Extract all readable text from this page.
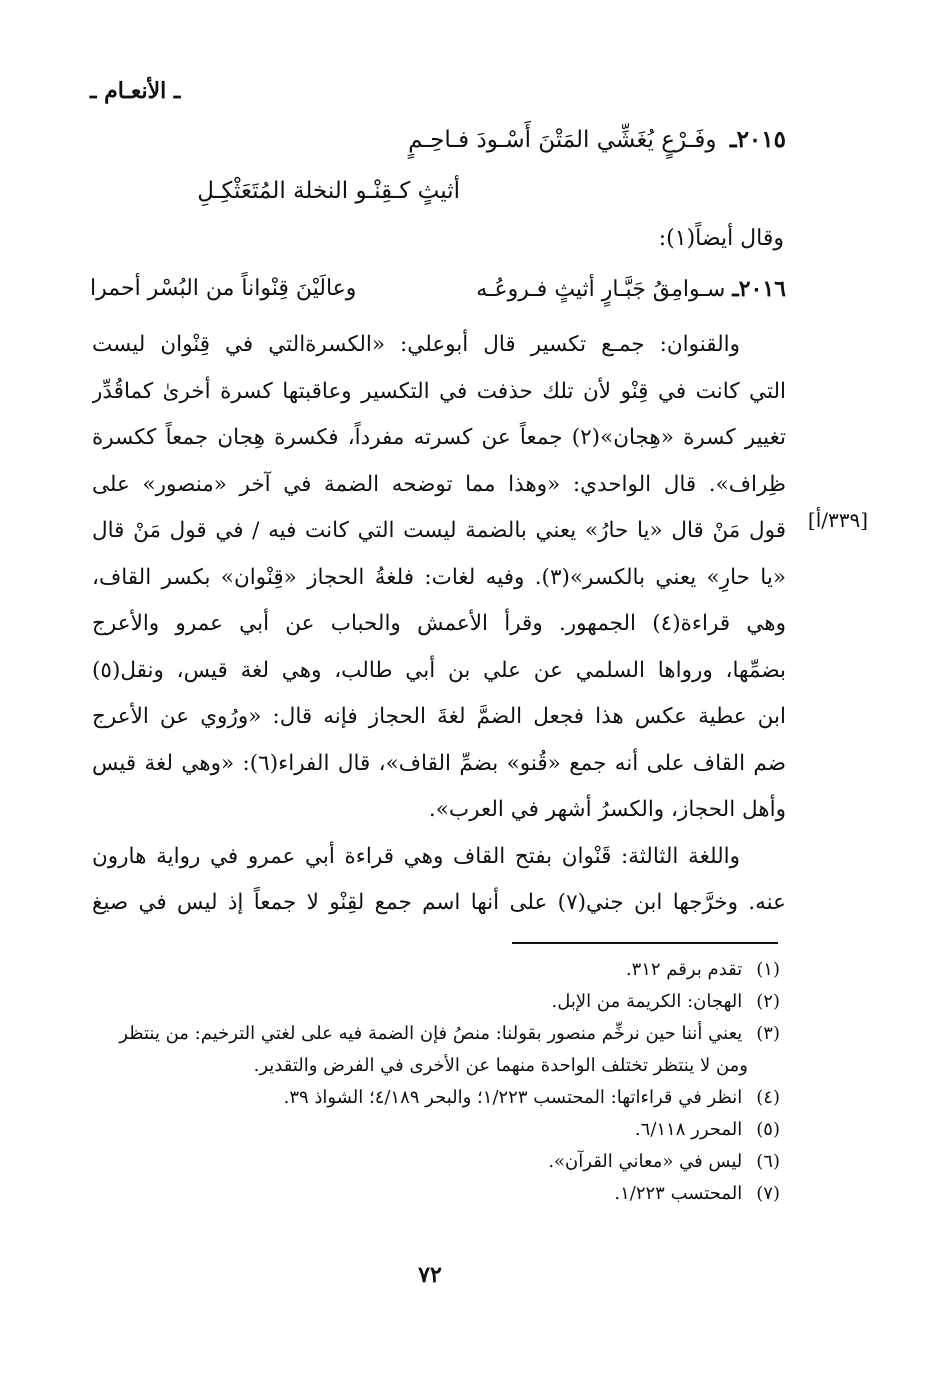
ـ الأنعـام ـ
٢٠١٥ـ وفَـرْعٍ يُغَشِّي المَتْنَ أَسْـودَ فـاحِـمٍ
أثيثٍ كـقِنْـو النخلة المُتَعَثْكِـلِ
وقال أيضاً(١):
٢٠١٦ـ سـوامِقُ جَبَّـارٍ أثيثٍ فـروعُـه
وعالَيْنَ قِنْواناً من البُسْر أحمرا
والقنوان: جمـع تكسير قال أبوعلي: «الكسرةالتي في قِنْوان ليست
التي كانت في قِنْو لأن تلك حذفت في التكسير وعاقبتها كسرة أخرىٰ كماقُدِّر
تغيير كسرة «هِجان»(٢) جمعاً عن كسرته مفرداً، فكسرة هِجان جمعاً ككسرة
ظِراف». قال الواحدي: «وهذا مما توضحه الضمة في آخر «منصور» على
قول مَنْ قال «يا حارُ» يعني بالضمة ليست التي كانت فيه / في قول مَنْ قال
«يا حارِ» يعني بالكسر»(٣). وفيه لغات: فلغةُ الحجاز «قِنْوان» بكسر القاف،
وهي قراءة(٤) الجمهور. وقرأ الأعمش والحباب عن أبي عمرو والأعرج
بضمِّها، ورواها السلمي عن علي بن أبي طالب، وهي لغة قيس، ونقل(٥)
ابن عطية عكس هذا فجعل الضمَّ لغةَ الحجاز فإنه قال: «ورُوي عن الأعرج
ضم القاف على أنه جمع «قُنو» بضمِّ القاف»، قال الفراء(٦): «وهي لغة قيس
وأهل الحجاز، والكسرُ أشهر في العرب».
واللغة الثالثة: قَنْوان بفتح القاف وهي قراءة أبي عمرو في رواية هارون
عنه. وخرَّجها ابن جني(٧) على أنها اسم جمع لقِنْو لا جمعاً إذ ليس في صيغ
[٣٣٩/أ]
(١) تقدم برقم ٣١٢.
(٢) الهجان: الكريمة من الإبل.
(٣) يعني أننا حين نرخِّم منصور بقولنا: منصُ فإن الضمة فيه على لغتي الترخيم: من ينتظر
ومن لا ينتظر تختلف الواحدة منهما عن الأخرى في الفرض والتقدير.
(٤) انظر في قراءاتها: المحتسب ١/٢٢٣؛ والبحر ٤/١٨٩؛ الشواذ ٣٩.
(٥) المحرر ٦/١١٨.
(٦) ليس في «معاني القرآن».
(٧) المحتسب ١/٢٢٣.
٧٢
